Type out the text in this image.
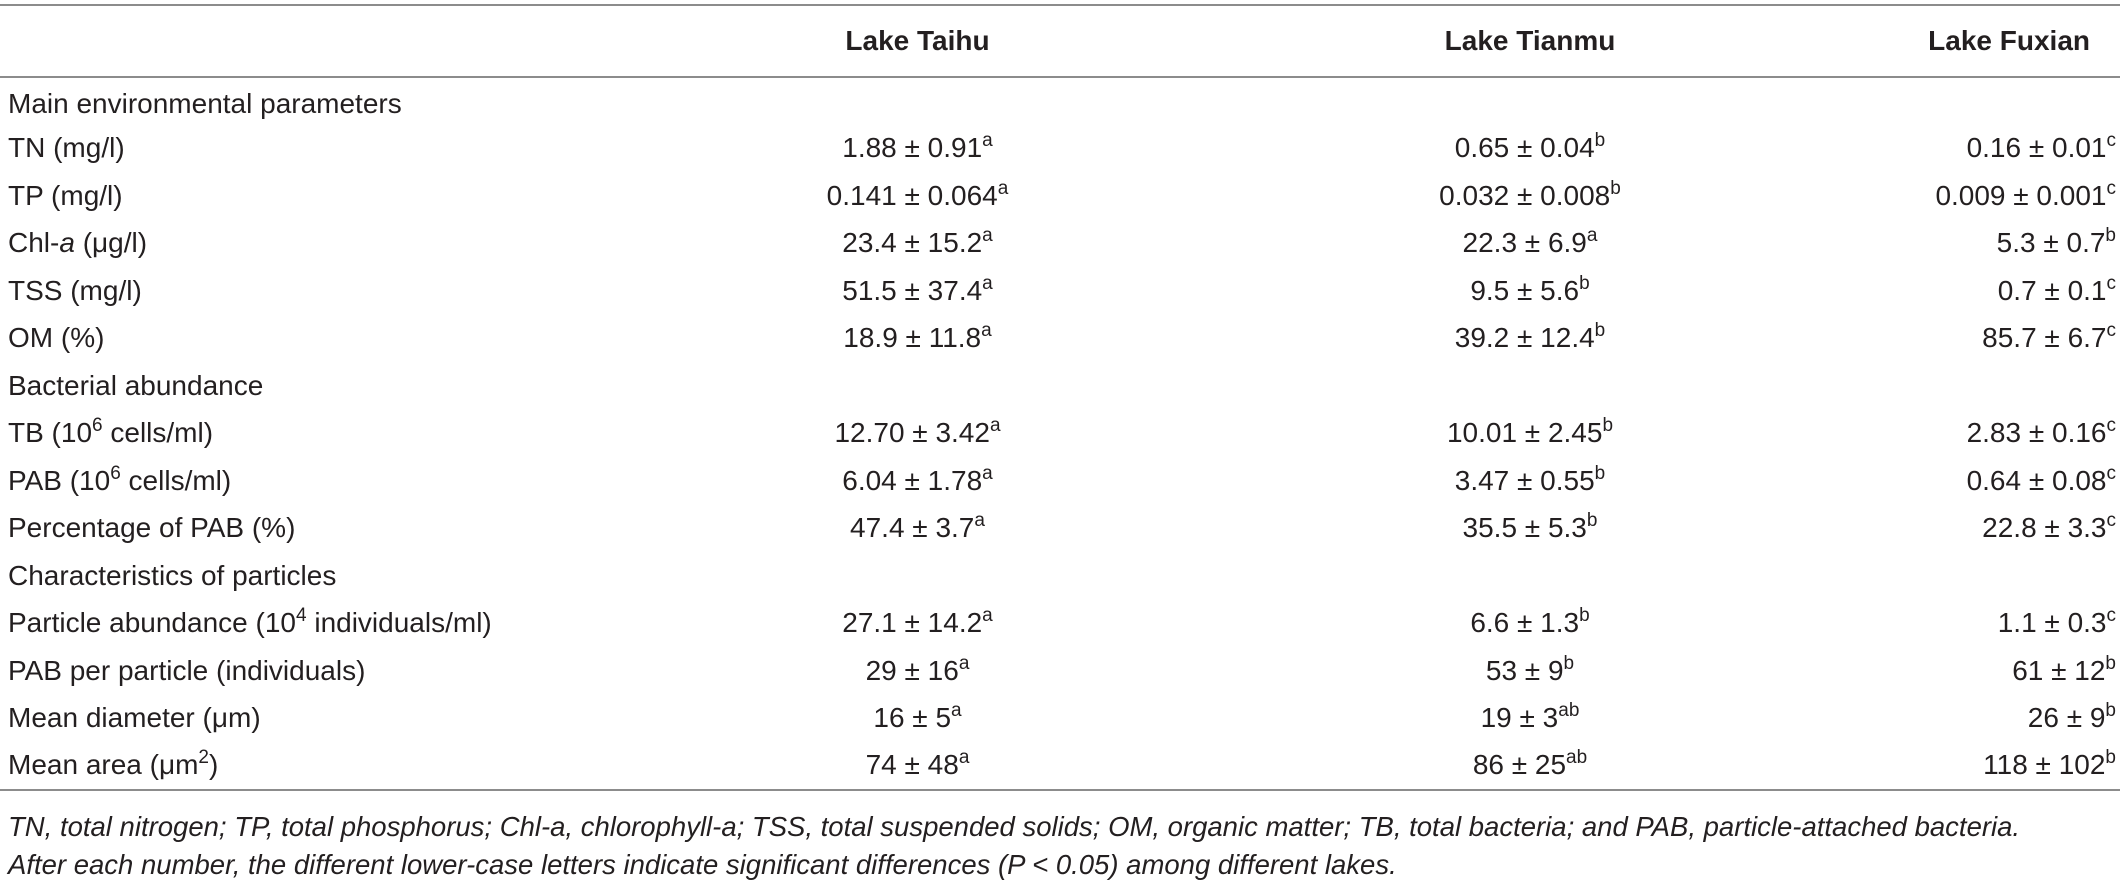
	Lake Taihu	Lake Tianmu	Lake Fuxian
Main environmental parameters			
TN (mg/l)	1.88 ± 0.91$^a$	0.65 ± 0.04$^b$	0.16 ± 0.01$^c$
TP (mg/l)	0.141 ± 0.064$^a$	0.032 ± 0.008$^b$	0.009 ± 0.001$^c$
Chl-a (μg/l)	23.4 ± 15.2$^a$	22.3 ± 6.9$^a$	5.3 ± 0.7$^b$
TSS (mg/l)	51.5 ± 37.4$^a$	9.5 ± 5.6$^b$	0.7 ± 0.1$^c$
OM (%)	18.9 ± 11.8$^a$	39.2 ± 12.4$^b$	85.7 ± 6.7$^c$
Bacterial abundance			
TB ($10^6$ cells/ml)	12.70 ± 3.42$^a$	10.01 ± 2.45$^b$	2.83 ± 0.16$^c$
PAB ($10^6$ cells/ml)	6.04 ± 1.78$^a$	3.47 ± 0.55$^b$	0.64 ± 0.08$^c$
Percentage of PAB (%)	47.4 ± 3.7$^a$	35.5 ± 5.3$^b$	22.8 ± 3.3$^c$
Characteristics of particles			
Particle abundance ($10^4$ individuals/ml)	27.1 ± 14.2$^a$	6.6 ± 1.3$^b$	1.1 ± 0.3$^c$
PAB per particle (individuals)	$29 \pm 16^a$	$53 \pm 9^b$	$61 \pm 12^b$
Mean diameter (μm)	$16 \pm 5^a$	$19 \pm 3^{ab}$	$26 \pm 9^b$
Mean area $(\mu m^2)$	$74 \pm 48^a$	$86 \pm 25^{ab}$	$118 \pm 102^b$
TN, total nitrogen; TP, total phosphorus; Chl-a, chlorophyll-a; TSS, total suspended solids; OM, organic matter; TB, total bacteria; and PAB, particle-attached bacteria.
After each number, the different lower-case letters indicate significant differences (P < 0.05) among different lakes.
